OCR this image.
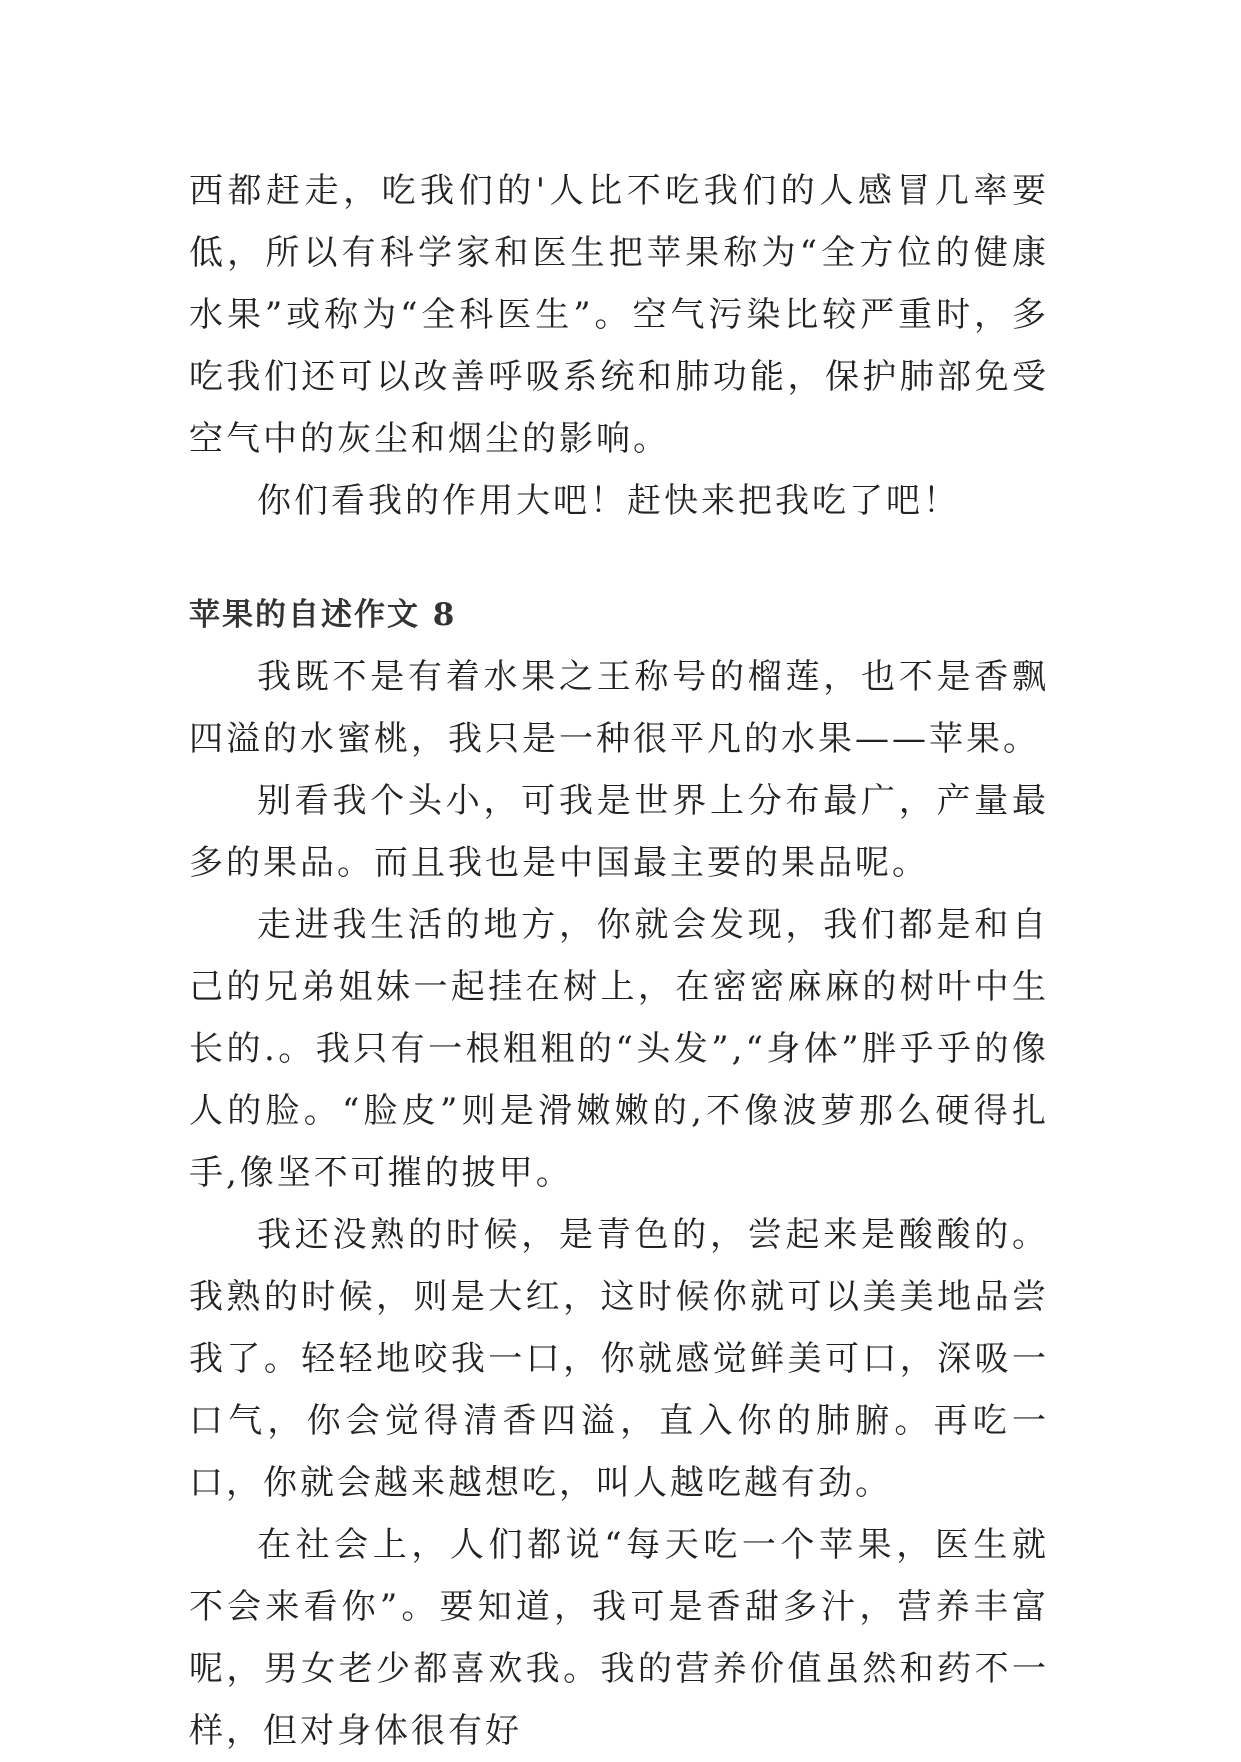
西都赶走，吃我们的'人比不吃我们的人感冒几率要低，所以有科学家和医生把苹果称为“全方位的健康水果”或称为“全科医生”。空气污染比较严重时，多吃我们还可以改善呼吸系统和肺功能，保护肺部免受空气中的灰尘和烟尘的影响。

你们看我的作用大吧！赶快来把我吃了吧！

苹果的自述作文 8

我既不是有着水果之王称号的榴莲，也不是香飘四溢的水蜜桃，我只是一种很平凡的水果——苹果。

别看我个头小，可我是世界上分布最广，产量最多的果品。而且我也是中国最主要的果品呢。

走进我生活的地方，你就会发现，我们都是和自己的兄弟姐妹一起挂在树上，在密密麻麻的树叶中生长的.。我只有一根粗粗的“头发”,“身体”胖乎乎的像人的脸。“脸皮”则是滑嫩嫩的,不像波萝那么硬得扎手,像坚不可摧的披甲。

我还没熟的时候，是青色的，尝起来是酸酸的。我熟的时候，则是大红，这时候你就可以美美地品尝我了。轻轻地咬我一口，你就感觉鲜美可口，深吸一口气，你会觉得清香四溢，直入你的肺腑。再吃一口，你就会越来越想吃，叫人越吃越有劲。

在社会上，人们都说“每天吃一个苹果，医生就不会来看你”。要知道，我可是香甜多汁，营养丰富呢，男女老少都喜欢我。我的营养价值虽然和药不一样，但对身体很有好
